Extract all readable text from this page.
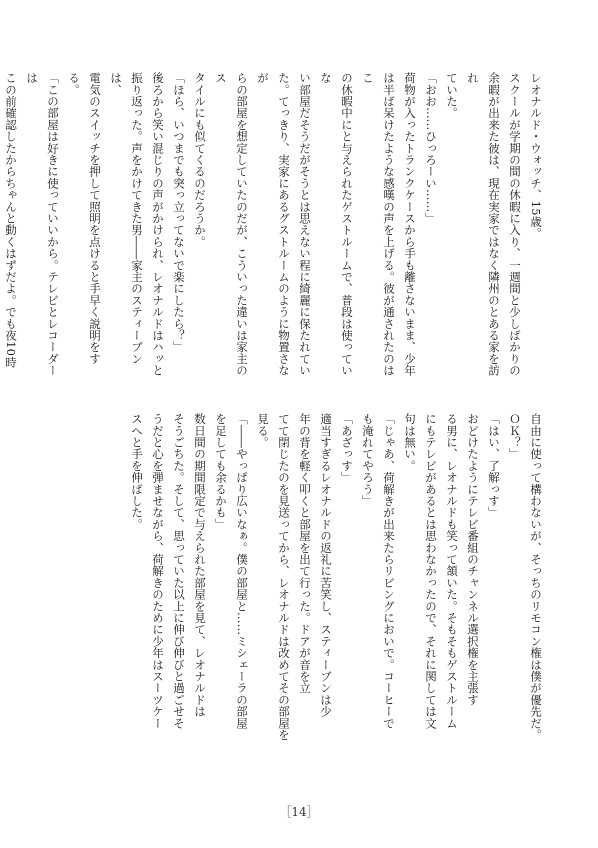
レオナルド・ウォッチ、15歳。

スクールが学期の間の休暇に入り、一週間と少しばかりの

余暇が出来た彼は、現在実家ではなく隣州のとある家を訪れ

ていた。

「おお……ひっろーい……」

荷物が入ったトランクケースから手も離さないまま、少年

は半ば呆けたような感嘆の声を上げる。彼が通されたのはこ

の休暇中にと与えられたゲストルームで、普段は使っていな

い部屋だそうだがそうとは思えない程に綺麗に保たれてい

た。てっきり、実家にあるグストルームのように物置さなが

らの部屋を想定していたのだが、こういった違いは家主のス

タイルにも似てくるのだろうか。

「ほら、いつまでも突っ立ってないで楽にしたら？」

後ろから笑い混じりの声がかけられ、レオナルドはハッと

振り返った。声をかけてきた男――家主のスティーブンは、

電気のスイッチを押して照明を点けると手早く説明をする。

「この部屋は好きに使っていいから。テレビとレコーダーは

この前確認したからちゃんと動くはずだよ。でも夜10時

自由に使って構わないが、そっちのリモコン権は僕が優先だ。

ＯＫ？」

「はい、了解っす」

おどけたようにテレビ番組のチャンネル選択権を主張す

る男に、レオナルドも笑って頷いた。そもそもゲストルーム

にもテレビがあるとは思わなかったので、それに関しては文

句は無い。

「じゃあ、荷解きが出来たらリビングにおいで。コーヒーで

も淹れてやろう」

「あざっす」

適当すぎるレオナルドの返礼に苦笑し、スティーブンは少

年の背を軽く叩くと部屋を出て行った。ドアが音を立

てて閉じたのを見送ってから、レオナルドは改めてその部屋を

見る。

「――やっぱり広いなぁ。僕の部屋と……ミシェーラの部屋

を足しても余るかも」

数日間の期間限定で与えられた部屋を見て、レオナルドは

そうごちた。そして、思っていた以上に伸び伸びと過ごせそ

うだと心を弾ませながら、荷解きのために少年はスーツケー

スへと手を伸ばした。

［14］
